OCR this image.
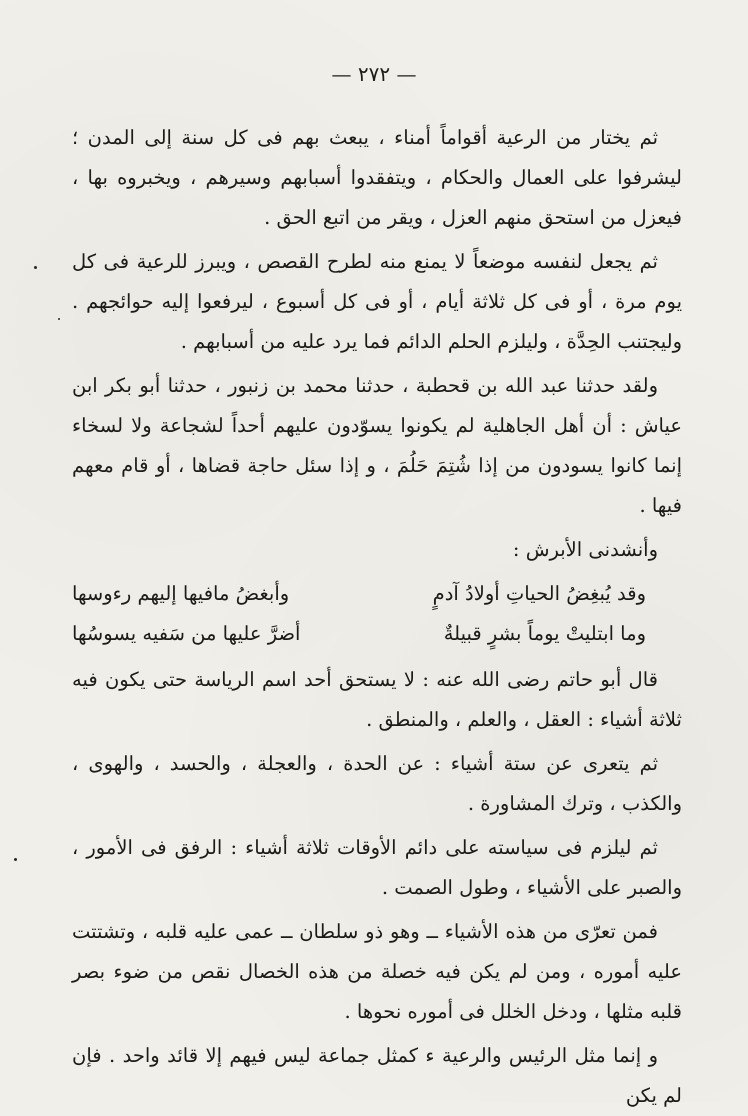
— ٢٧٢ —

ثم يختار من الرعية أقواماً أمناء ، يبعث بهم فى كل سنة إلى المدن ؛ ليشرفوا على العمال والحكام ، ويتفقدوا أسبابهم وسيرهم ، ويخبروه بها ، فيعزل من استحق منهم العزل ، ويقر من اتبع الحق .

ثم يجعل لنفسه موضعاً لا يمنع منه لطرح القصص ، ويبرز للرعية فى كل يوم مرة ، أو فى كل ثلاثة أيام ، أو فى كل أسبوع ، ليرفعوا إليه حوائجهم . وليجتنب الحِدَّة ، وليلزم الحلم الدائم فما يرد عليه من أسبابهم .

ولقد حدثنا عبد الله بن قحطبة ، حدثنا محمد بن زنبور ، حدثنا أبو بكر ابن عياش : أن أهل الجاهلية لم يكونوا يسوّدون عليهم أحداً لشجاعة ولا لسخاء إنما كانوا يسودون من إذا شُتِمَ حَلُمَ ، و إذا سئل حاجة قضاها ، أو قام معهم فيها .

وأنشدنى الأبرش :

وقد يُبغِضُ الحياتِ أولادُ آدمٍ
وأبغضُ مافيها إليهم رءوسها
وما ابتليتْ يوماً بشرٍ قبيلةٌ
أضرَّ عليها من سَفيه يسوسُها

قال أبو حاتم رضى الله عنه : لا يستحق أحد اسم الرياسة حتى يكون فيه ثلاثة أشياء : العقل ، والعلم ، والمنطق .

ثم يتعرى عن ستة أشياء : عن الحدة ، والعجلة ، والحسد ، والهوى ، والكذب ، وترك المشاورة .

ثم ليلزم فى سياسته على دائم الأوقات ثلاثة أشياء : الرفق فى الأمور ، والصبر على الأشياء ، وطول الصمت .

فمن تعرّى من هذه الأشياء ــ وهو ذو سلطان ــ عمى عليه قلبه ، وتشتتت عليه أموره ، ومن لم يكن فيه خصلة من هذه الخصال نقص من ضوء بصر قلبه مثلها ، ودخل الخلل فى أموره نحوها .

و إنما مثل الرئيس والرعية ء كمثل جماعة ليس فيهم إلا قائد واحد . فإن لم يكن
